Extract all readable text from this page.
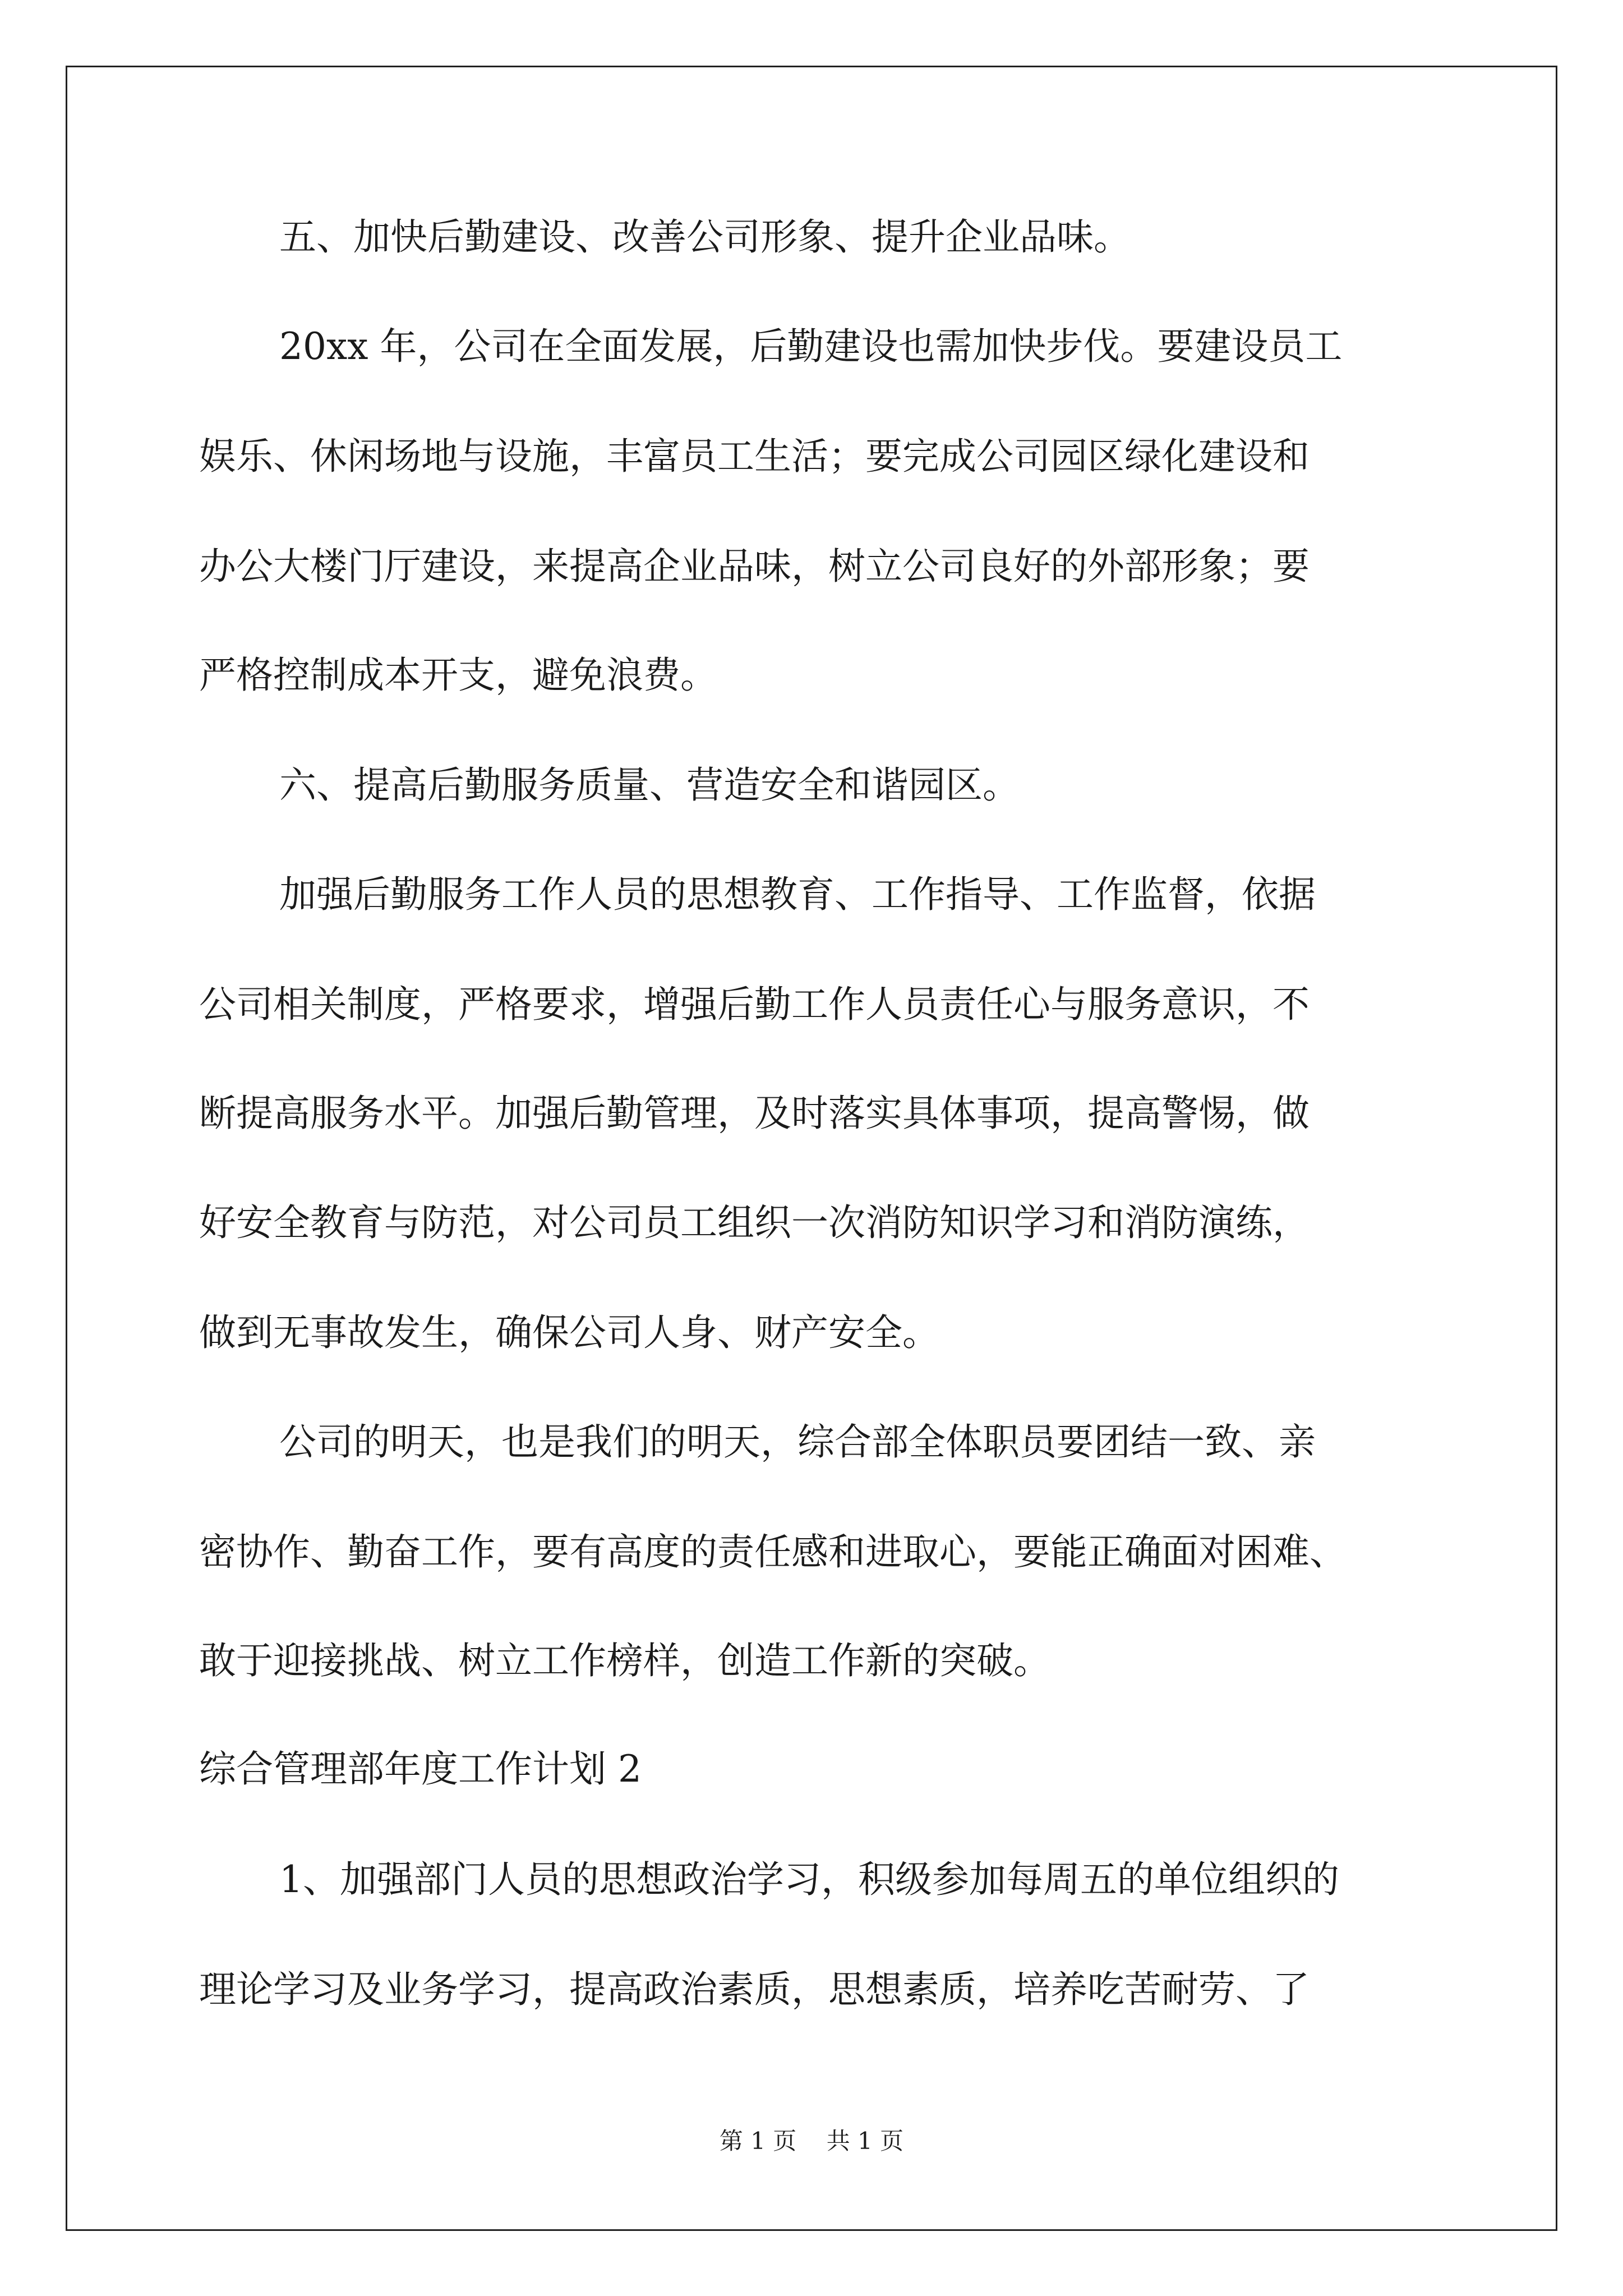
五、加快后勤建设、改善公司形象、提升企业品味。
20xx 年，公司在全面发展，后勤建设也需加快步伐。要建设员工
娱乐、休闲场地与设施，丰富员工生活；要完成公司园区绿化建设和
办公大楼门厅建设，来提高企业品味，树立公司良好的外部形象；要
严格控制成本开支，避免浪费。
六、提高后勤服务质量、营造安全和谐园区。
加强后勤服务工作人员的思想教育、工作指导、工作监督，依据
公司相关制度，严格要求，增强后勤工作人员责任心与服务意识，不
断提高服务水平。加强后勤管理，及时落实具体事项，提高警惕，做
好安全教育与防范，对公司员工组织一次消防知识学习和消防演练，
做到无事故发生，确保公司人身、财产安全。
公司的明天，也是我们的明天，综合部全体职员要团结一致、亲
密协作、勤奋工作，要有高度的责任感和进取心，要能正确面对困难、
敢于迎接挑战、树立工作榜样，创造工作新的突破。
综合管理部年度工作计划 2
1、加强部门人员的思想政治学习，积级参加每周五的单位组织的
理论学习及业务学习，提高政治素质，思想素质，培养吃苦耐劳、了
第 1 页    共 1 页
